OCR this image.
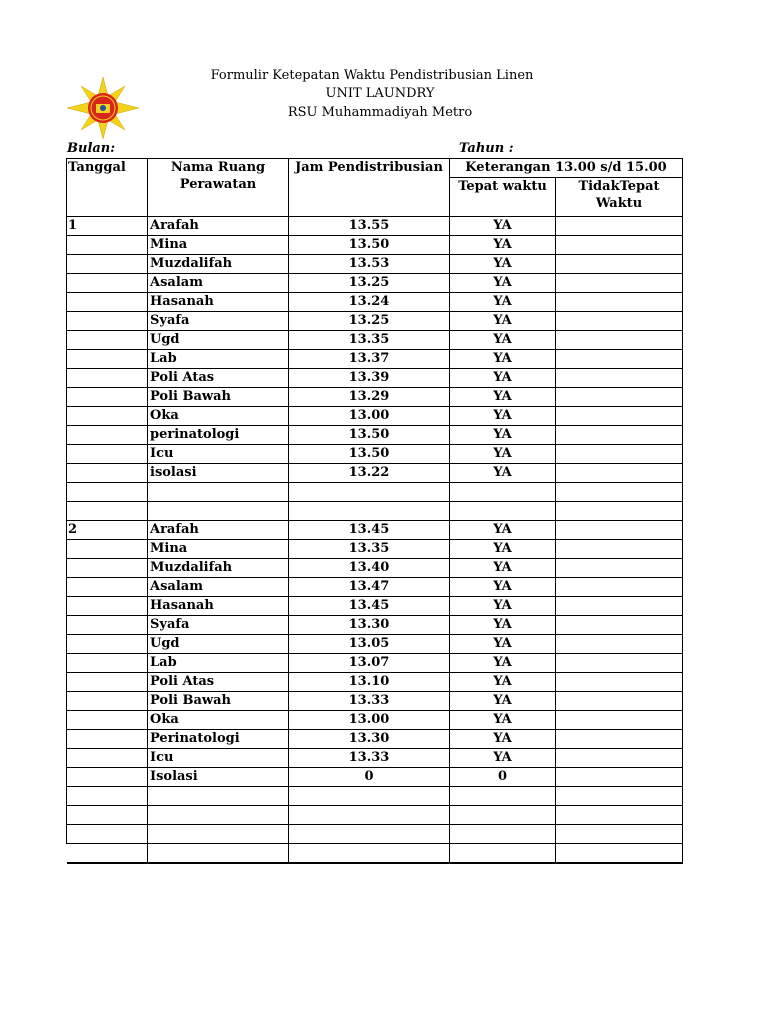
Formulir Ketepatan Waktu Pendistribusian Linen
UNIT LAUNDRY
RSU Muhammadiyah Metro
Bulan:	Tahun :
Tanggal	Nama Ruang Perawatan	Jam Pendistribusian	Keterangan 13.00 s/d 15.00	
			Tepat waktu	TidakTepat Waktu
1	Arafah	13.55	YA	
	Mina	13.50	YA	
	Muzdalifah	13.53	YA	
	Asalam	13.25	YA	
	Hasanah	13.24	YA	
	Syafa	13.25	YA	
	Ugd	13.35	YA	
	Lab	13.37	YA	
	Poli Atas	13.39	YA	
	Poli Bawah	13.29	YA	
	Oka	13.00	YA	
	perinatologi	13.50	YA	
	Icu	13.50	YA	
	isolasi	13.22	YA	

2	Arafah	13.45	YA	
	Mina	13.35	YA	
	Muzdalifah	13.40	YA	
	Asalam	13.47	YA	
	Hasanah	13.45	YA	
	Syafa	13.30	YA	
	Ugd	13.05	YA	
	Lab	13.07	YA	
	Poli Atas	13.10	YA	
	Poli Bawah	13.33	YA	
	Oka	13.00	YA	
	Perinatologi	13.30	YA	
	Icu	13.33	YA	
	Isolasi	0	0	
